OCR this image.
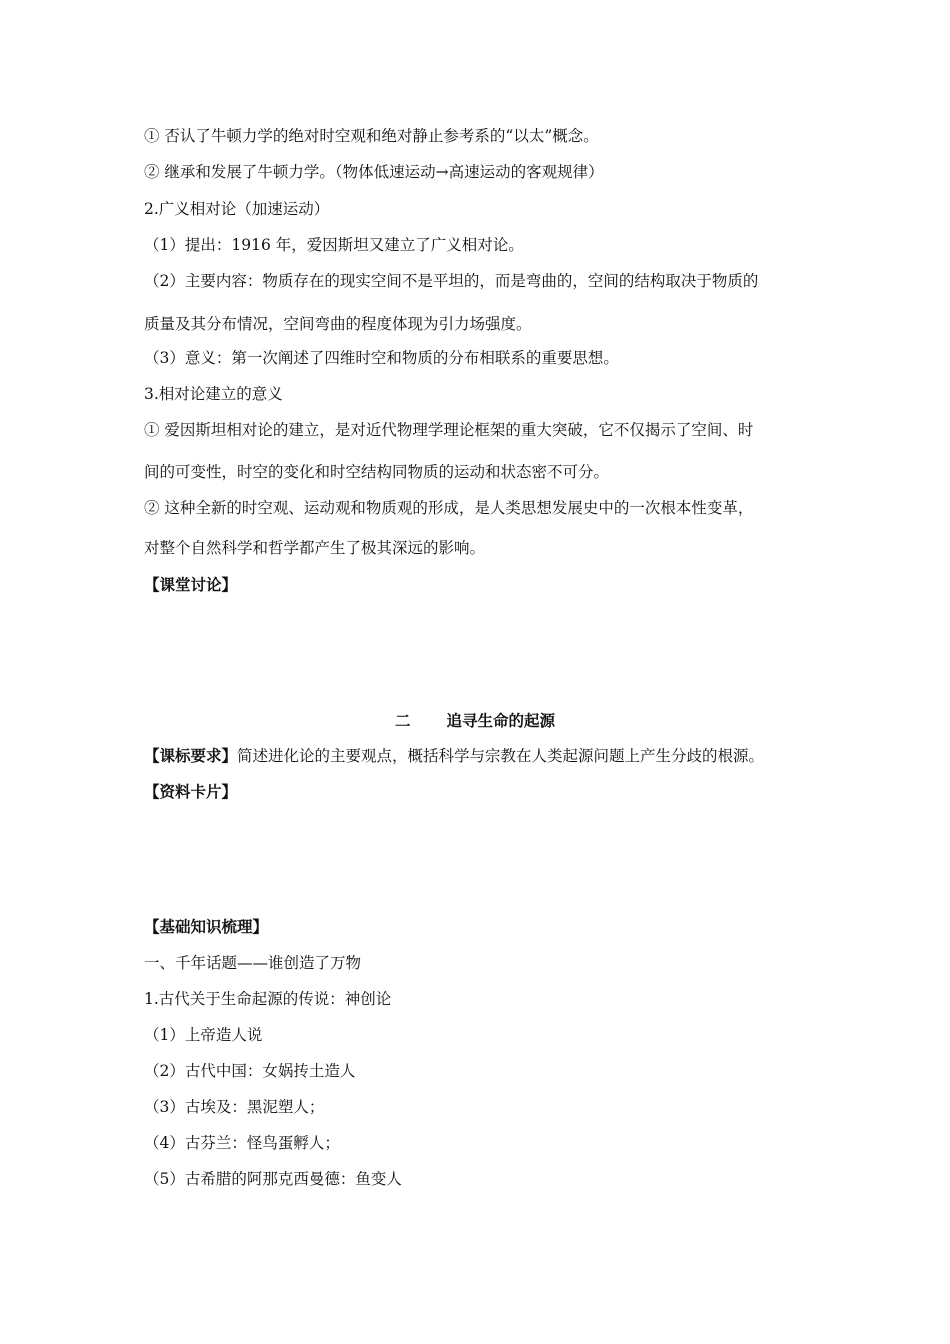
① 否认了牛顿力学的绝对时空观和绝对静止参考系的“以太”概念。
② 继承和发展了牛顿力学。（物体低速运动→高速运动的客观规律）
2.广义相对论（加速运动）
（1）提出：1916 年，爱因斯坦又建立了广义相对论。
（2）主要内容：物质存在的现实空间不是平坦的，而是弯曲的，空间的结构取决于物质的
质量及其分布情况，空间弯曲的程度体现为引力场强度。
（3）意义：第一次阐述了四维时空和物质的分布相联系的重要思想。
3.相对论建立的意义
① 爱因斯坦相对论的建立，是对近代物理学理论框架的重大突破，它不仅揭示了空间、时
间的可变性，时空的变化和时空结构同物质的运动和状态密不可分。
② 这种全新的时空观、运动观和物质观的形成，是人类思想发展史中的一次根本性变革，
对整个自然科学和哲学都产生了极其深远的影响。
【课堂讨论】
二 追寻生命的起源
【课标要求】简述进化论的主要观点，概括科学与宗教在人类起源问题上产生分歧的根源。
【资料卡片】
【基础知识梳理】
一、千年话题——谁创造了万物
1.古代关于生命起源的传说：神创论
（1）上帝造人说
（2）古代中国：女娲抟土造人
（3）古埃及：黑泥塑人；
（4）古芬兰：怪鸟蛋孵人；
（5）古希腊的阿那克西曼德：鱼变人
